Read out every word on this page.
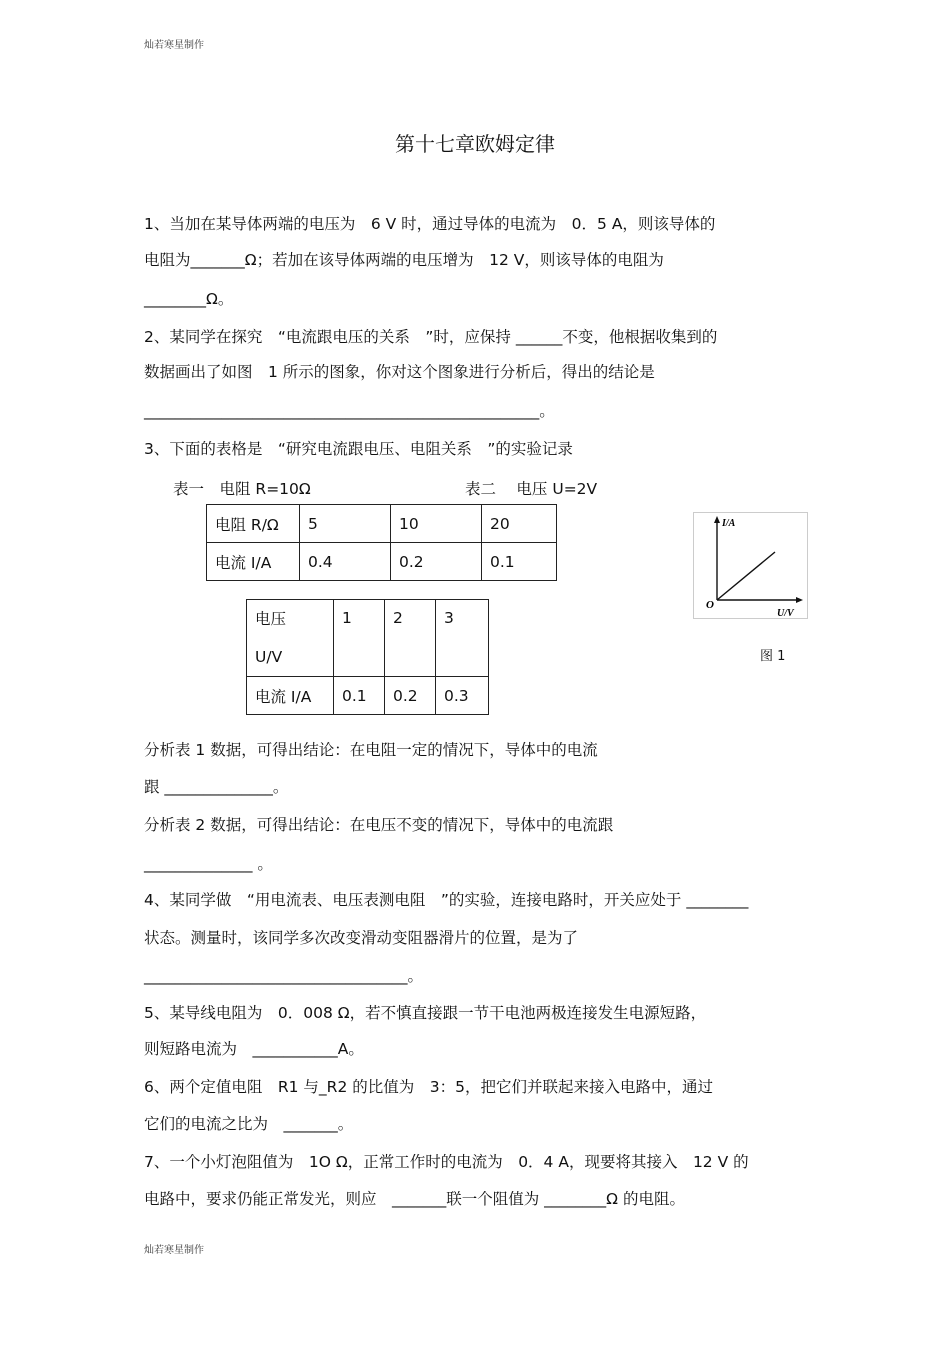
灿若寒星制作
第十七章欧姆定律
1、当加在某导体两端的电压为　6 V 时，通过导体的电流为　0．5 A，则该导体的
电阻为_______Ω；若加在该导体两端的电压增为　12 V，则该导体的电阻为
________Ω。
2、某同学在探究　“电流跟电压的关系　”时，应保持 ______不变，他根据收集到的
数据画出了如图　1 所示的图象，你对这个图象进行分析后，得出的结论是
___________________________________________________。
3、下面的表格是　“研究电流跟电压、电阻关系　”的实验记录
表一　电阻 R=10Ω	表二　 电压 U=2V
电阻 R/Ω	5	10	20
电流 I/A	0.4	0.2	0.1
电压
U/V	1	2	3
电流 I/A	0.1	0.2	0.3
I/A
U/V
O
图 1
分析表 1 数据，可得出结论：在电阻一定的情况下，导体中的电流
跟 ______________。
分析表 2 数据，可得出结论：在电压不变的情况下，导体中的电流跟
______________ 。
4、某同学做　“用电流表、电压表测电阻　”的实验，连接电路时，开关应处于 ________
状态。测量时，该同学多次改变滑动变阻器滑片的位置，是为了
__________________________________。
5、某导线电阻为　0．008 Ω，若不慎直接跟一节干电池两极连接发生电源短路，
则短路电流为　___________A。
6、两个定值电阻　R1 与_R2 的比值为　3：5，把它们并联起来接入电路中，通过
它们的电流之比为　_______。
7、一个小灯泡阻值为　1O Ω，正常工作时的电流为　0．4 A，现要将其接入　12 V 的
电路中，要求仍能正常发光，则应　_______联一个阻值为 ________Ω 的电阻。
灿若寒星制作
